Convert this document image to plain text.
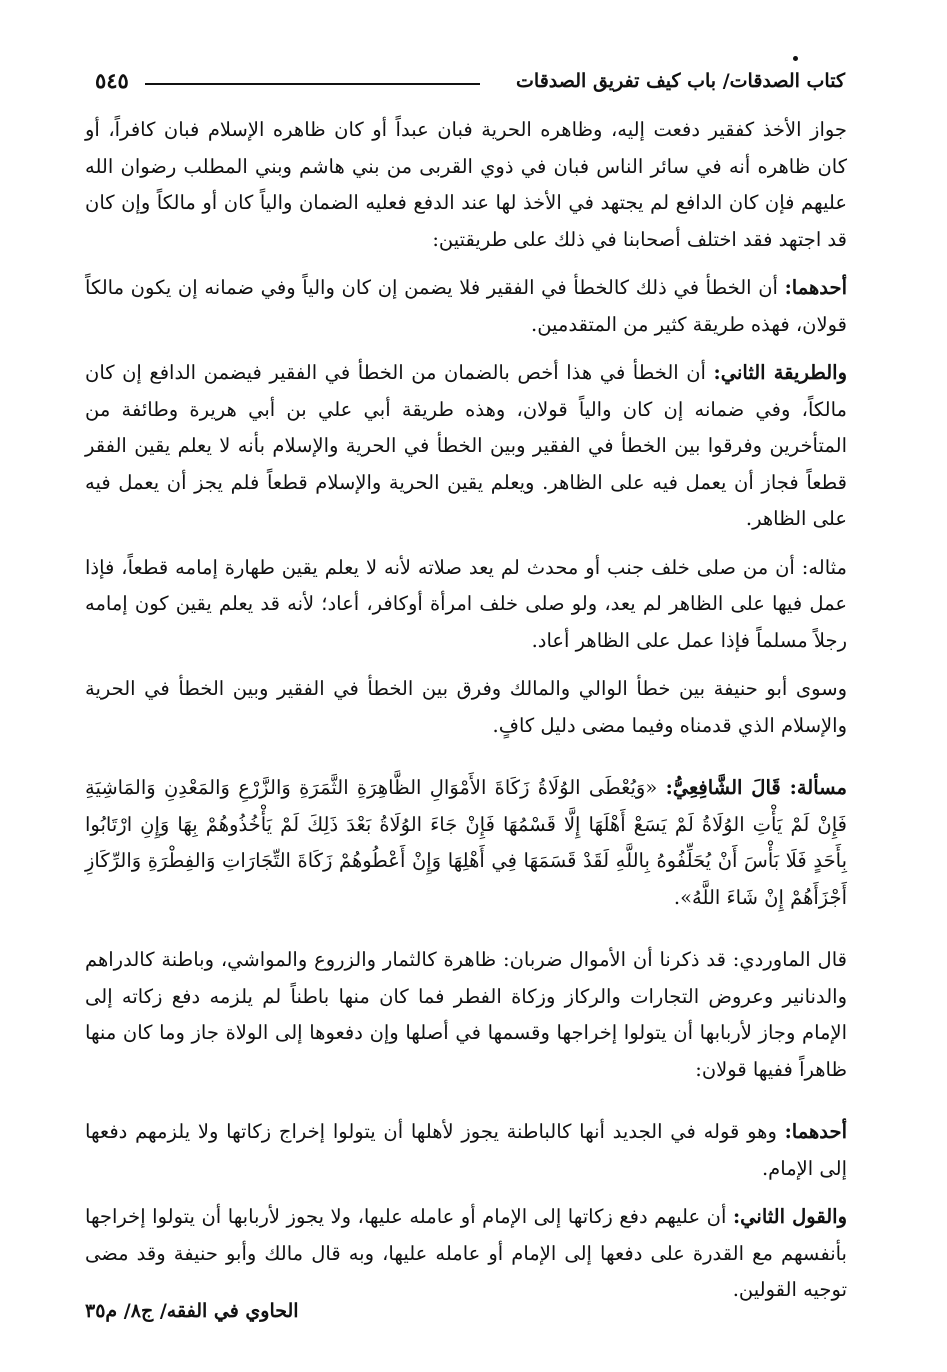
كتاب الصدقات/ باب كيف تفريق الصدقات
٥٤٥

جواز الأخذ كفقير دفعت إليه، وظاهره الحرية فبان عبداً أو كان ظاهره الإسلام فبان كافراً، أو كان ظاهره أنه في سائر الناس فبان في ذوي القربى من بني هاشم وبني المطلب رضوان الله عليهم فإن كان الدافع لم يجتهد في الأخذ لها عند الدفع فعليه الضمان والياً كان أو مالكاً وإن كان قد اجتهد فقد اختلف أصحابنا في ذلك على طريقتين:

أحدهما: أن الخطأ في ذلك كالخطأ في الفقير فلا يضمن إن كان والياً وفي ضمانه إن يكون مالكاً قولان، فهذه طريقة كثير من المتقدمين.

والطريقة الثاني: أن الخطأ في هذا أخص بالضمان من الخطأ في الفقير فيضمن الدافع إن كان مالكاً، وفي ضمانه إن كان والياً قولان، وهذه طريقة أبي علي بن أبي هريرة وطائفة من المتأخرين وفرقوا بين الخطأ في الفقير وبين الخطأ في الحرية والإسلام بأنه لا يعلم يقين الفقر قطعاً فجاز أن يعمل فيه على الظاهر. ويعلم يقين الحرية والإسلام قطعاً فلم يجز أن يعمل فيه على الظاهر.

مثاله: أن من صلى خلف جنب أو محدث لم يعد صلاته لأنه لا يعلم يقين طهارة إمامه قطعاً، فإذا عمل فيها على الظاهر لم يعد، ولو صلى خلف امرأة أوكافر، أعاد؛ لأنه قد يعلم يقين كون إمامه رجلاً مسلماً فإذا عمل على الظاهر أعاد.

وسوى أبو حنيفة بين خطأ الوالي والمالك وفرق بين الخطأ في الفقير وبين الخطأ في الحرية والإسلام الذي قدمناه وفيما مضى دليل كافٍ.

مسألة: قَالَ الشَّافِعِيُّ: «وَيُعْطَى الوُلَاةُ زَكَاةَ الأَمْوَالِ الظَّاهِرَةِ الثَّمَرَةِ وَالزَّرْعِ وَالمَعْدِنِ وَالمَاشِيَةِ فَإِنْ لَمْ يَأْتِ الوُلَاةُ لَمْ يَسَعْ أَهْلَهَا إِلَّا قَسْمُهَا فَإِنْ جَاءَ الوُلَاةُ بَعْدَ ذَلِكَ لَمْ يَأْخُذُوهُمْ بِهَا وَإِنِ ارْتَابُوا بِأَحَدٍ فَلَا بَأْسَ أَنْ يُحَلِّفُوهُ بِاللَّهِ لَقَدْ قَسَمَهَا فِي أَهْلِهَا وَإِنْ أَعْطُوهُمْ زَكَاةَ التِّجَارَاتِ وَالفِطْرَةِ وَالرِّكَازِ أَجْزَأَهُمْ إِنْ شَاءَ اللَّهُ».

قال الماوردي: قد ذكرنا أن الأموال ضربان: ظاهرة كالثمار والزروع والمواشي، وباطنة كالدراهم والدنانير وعروض التجارات والركاز وزكاة الفطر فما كان منها باطناً لم يلزمه دفع زكاته إلى الإمام وجاز لأربابها أن يتولوا إخراجها وقسمها في أصلها وإن دفعوها إلى الولاة جاز وما كان منها ظاهراً ففيها قولان:

أحدهما: وهو قوله في الجديد أنها كالباطنة يجوز لأهلها أن يتولوا إخراج زكاتها ولا يلزمهم دفعها إلى الإمام.

والقول الثاني: أن عليهم دفع زكاتها إلى الإمام أو عامله عليها، ولا يجوز لأربابها أن يتولوا إخراجها بأنفسهم مع القدرة على دفعها إلى الإمام أو عامله عليها، وبه قال مالك وأبو حنيفة وقد مضى توجيه القولين.

الحاوي في الفقه/ ج٨/ م٣٥
